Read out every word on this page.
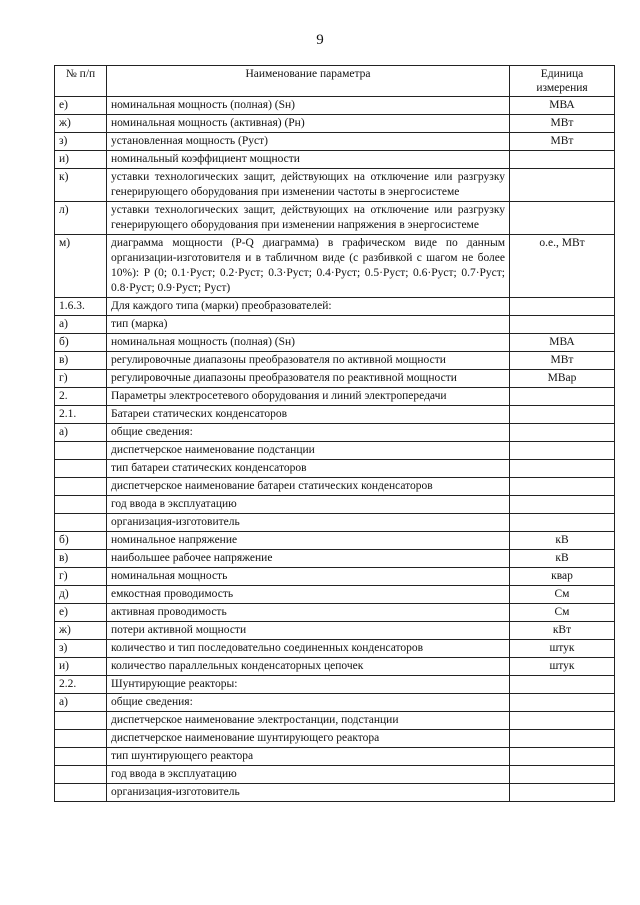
9
№ п/п	Наименование параметра	Единица
измерения

е)	номинальная мощность (полная) (Sн)	МВА
ж)	номинальная мощность (активная) (Pн)	МВт
з)	установленная мощность (Pуст)	МВт
и)	номинальный коэффициент мощности	
к)	уставки технологических защит, действующих на отключение или разгрузку генерирующего оборудования при изменении частоты в энергосистеме	
л)	уставки технологических защит, действующих на отключение или разгрузку генерирующего оборудования при изменении напряжения в энергосистеме	
м)	диаграмма мощности (P-Q диаграмма) в графическом виде по данным организации-изготовителя и в табличном виде (с разбивкой с шагом не более 10%): P (0; 0.1·Руст; 0.2·Руст; 0.3·Руст; 0.4·Руст; 0.5·Руст; 0.6·Руст; 0.7·Руст; 0.8·Руст; 0.9·Руст; Руст)	о.е., МВт
1.6.3.	Для каждого типа (марки) преобразователей:	
а)	тип (марка)	
б)	номинальная мощность (полная) (Sн)	МВА
в)	регулировочные диапазоны преобразователя по активной мощности	МВт
г)	регулировочные диапазоны преобразователя по реактивной мощности	МВар
2.	Параметры электросетевого оборудования и линий электропередачи	
2.1.	Батареи статических конденсаторов	
а)	общие сведения:	
	диспетчерское наименование подстанции	
	тип батареи статических конденсаторов	
	диспетчерское наименование батареи статических конденсаторов	
	год ввода в эксплуатацию	
	организация-изготовитель	
б)	номинальное напряжение	кВ
в)	наибольшее рабочее напряжение	кВ
г)	номинальная мощность	квар
д)	емкостная проводимость	См
е)	активная проводимость	См
ж)	потери активной мощности	кВт
з)	количество и тип последовательно соединенных конденсаторов	штук
и)	количество параллельных конденсаторных цепочек	штук
2.2.	Шунтирующие реакторы:	
а)	общие сведения:	
	диспетчерское наименование электростанции, подстанции	
	диспетчерское наименование шунтирующего реактора	
	тип шунтирующего реактора	
	год ввода в эксплуатацию	
	организация-изготовитель	
